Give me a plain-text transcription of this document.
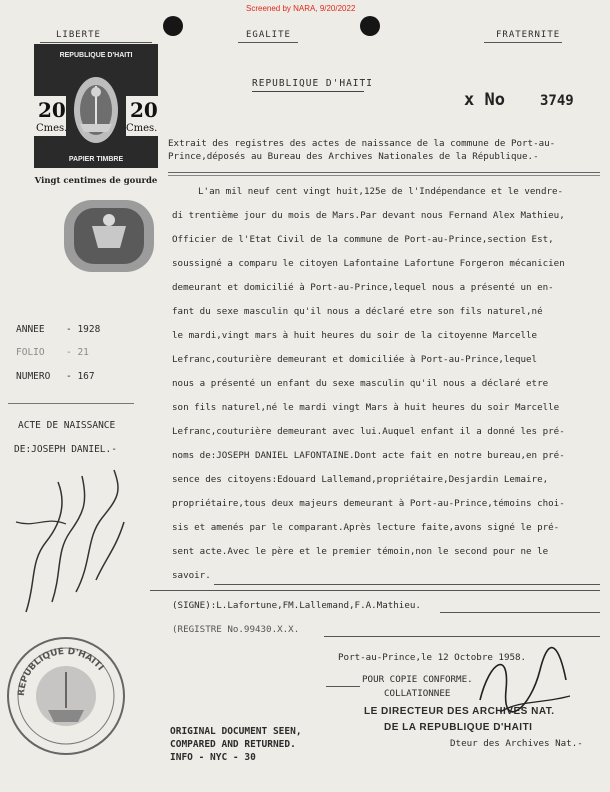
Screened by NARA, 9/20/2022
LIBERTE	EGALITE	FRATERNITE
REPUBLIQUE D'HAITI
20	20
Cmes.	Cmes.
PAPIER TIMBRE
Vingt centimes de gourde
REPUBLIQUE D'HAITI
x No	3749
Extrait des registres des actes de naissance de la commune de Port-au-
Prince,déposés au Bureau des Archives Nationales de la République.-
ANNEE - 1928
FOLIO - 21
NUMERO - 167
ACTE DE NAISSANCE
DE:JOSEPH DANIEL.-
L'an mil neuf cent vingt huit,125e de l'Indépendance et le vendre-
di trentième jour du mois de Mars.Par devant nous Fernand Alex Mathieu,
Officier de l'Etat Civil de la commune de Port-au-Prince,section Est,
soussigné a comparu le citoyen Lafontaine Lafortune Forgeron mécanicien
demeurant et domicilié à Port-au-Prince,lequel nous a présenté un en-
fant du sexe masculin qu'il nous a déclaré etre son fils naturel,né
le mardi,vingt mars à huit heures du soir de la citoyenne Marcelle
Lefranc,couturière demeurant et domiciliée à Port-au-Prince,lequel
nous a présenté un enfant du sexe masculin qu'il nous a déclaré etre
son fils naturel,né le mardi vingt Mars à huit heures du soir Marcelle
Lefranc,couturière demeurant avec lui.Auquel enfant il a donné les pré-
noms de:JOSEPH DANIEL LAFONTAINE.Dont acte fait en notre bureau,en pré-
sence des citoyens:Edouard Lallemand,propriétaire,Desjardin Lemaire,
propriétaire,tous deux majeurs demeurant à Port-au-Prince,témoins choi-
sis et amenés par le comparant.Après lecture faite,avons signé le pré-
sent acte.Avec le père et le premier témoin,non le second pour ne le
savoir.
(SIGNE):L.Lafortune,FM.Lallemand,F.A.Mathieu.
(REGISTRE No.99430.X.X.
Port-au-Prince,le 12 Octobre 1958.
POUR COPIE CONFORME.
COLLATIONNEE
LE DIRECTEUR DES ARCHIVES NAT.
DE LA REPUBLIQUE D'HAITI
Dteur des Archives Nat.-
REPUBLIQUE D'HAITI
ORIGINAL DOCUMENT SEEN,
COMPARED AND RETURNED.
INFO - NYC - 30
